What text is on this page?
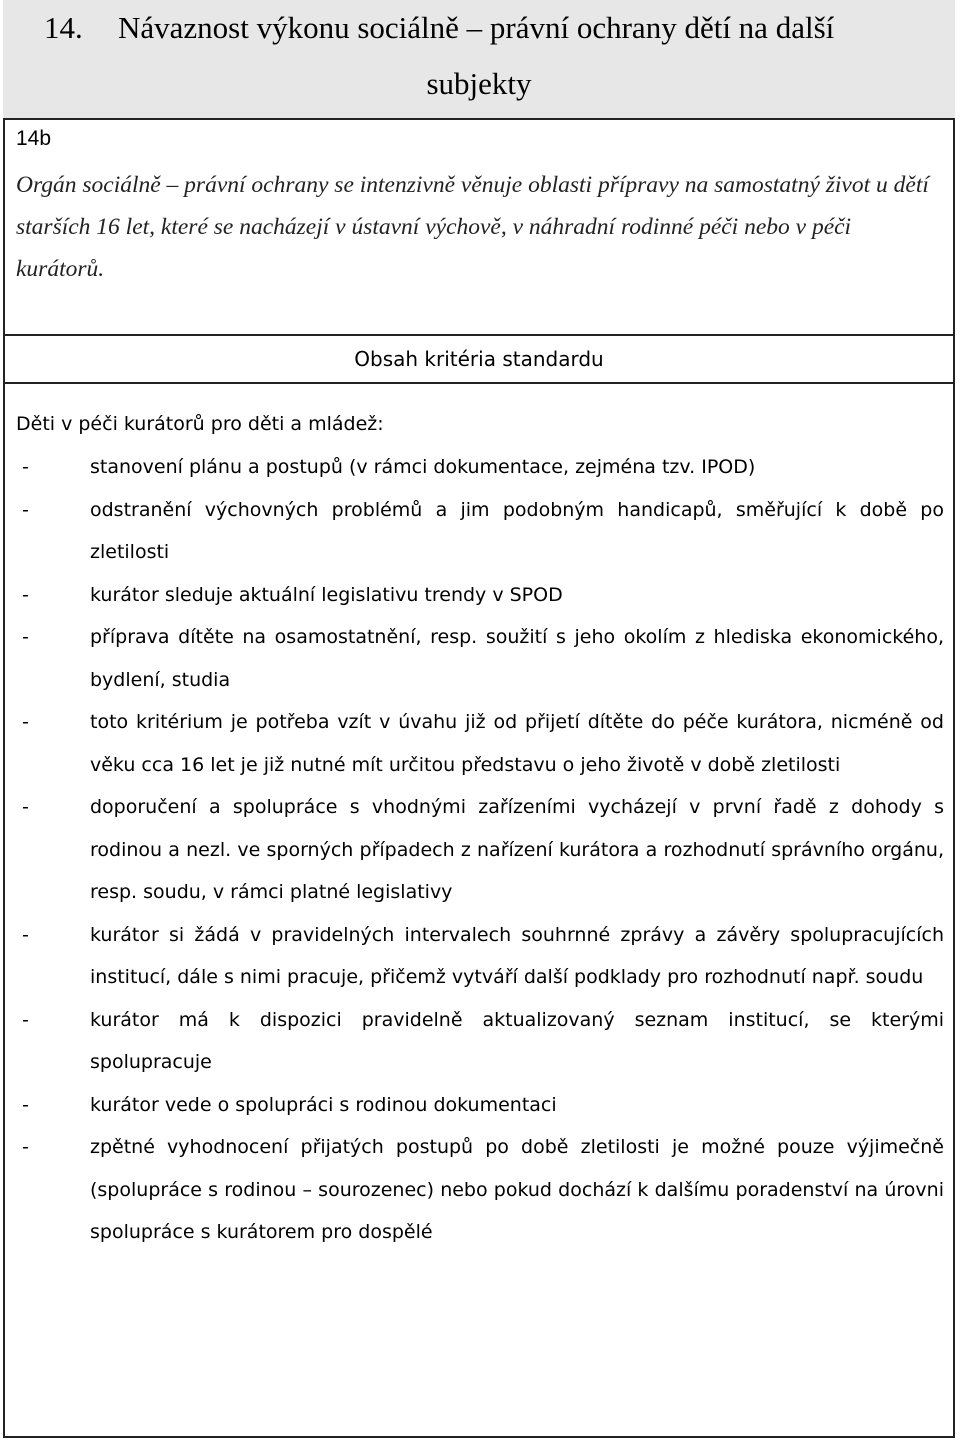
14. Návaznost výkonu sociálně – právní ochrany dětí na další
subjekty
14b
Orgán sociálně – právní ochrany se intenzivně věnuje oblasti přípravy na samostatný život u dětí starších 16 let, které se nacházejí v ústavní výchově, v náhradní rodinné péči nebo v péči kurátorů.
Obsah kritéria standardu
Děti v péči kurátorů pro děti a mládež:
-	stanovení plánu a postupů (v rámci dokumentace, zejména tzv. IPOD)
-	odstranění výchovných problémů a jim podobným handicapů, směřující k době po zletilosti
-	kurátor sleduje aktuální legislativu trendy v SPOD
-	příprava dítěte na osamostatnění, resp. soužití s jeho okolím z hlediska ekonomického, bydlení, studia
-	toto kritérium je potřeba vzít v úvahu již od přijetí dítěte do péče kurátora, nicméně od věku cca 16 let je již nutné mít určitou představu o jeho životě v době zletilosti
-	doporučení a spolupráce s vhodnými zařízeními vycházejí v první řadě z dohody s rodinou a nezl. ve sporných případech z nařízení kurátora a rozhodnutí správního orgánu, resp. soudu, v rámci platné legislativy
-	kurátor si žádá v pravidelných intervalech souhrnné zprávy a závěry spolupracujících institucí, dále s nimi pracuje, přičemž vytváří další podklady pro rozhodnutí např. soudu
-	kurátor má k dispozici pravidelně aktualizovaný seznam institucí, se kterými spolupracuje
-	kurátor vede o spolupráci s rodinou dokumentaci
-	zpětné vyhodnocení přijatých postupů po době zletilosti je možné pouze výjimečně (spolupráce s rodinou – sourozenec) nebo pokud dochází k dalšímu poradenství na úrovni spolupráce s kurátorem pro dospělé
